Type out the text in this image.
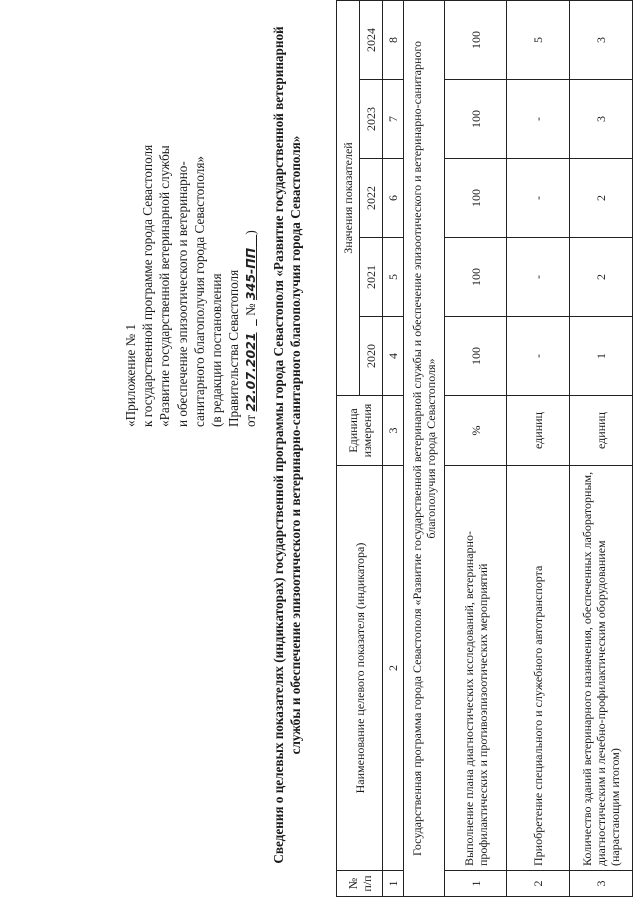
«Приложение № 1 к государственной программе города Севастополя «Развитие государственной ветеринарной службы и обеспечение эпизоотического и ветеринарно- санитарного благополучия города Севастополя» (в редакции постановления Правительства Севастополя от 22.07.2021     № 345-ПП    ) Сведения о целевых показателях (индикаторах) государственной программы города Севастополя «Развитие государственной ветеринарной службы и обеспечение эпизоотического и ветеринарно-санитарного благополучия города Севастополя»
№ п/п	Наименование целевого показателя (индикатора)	Единица измерения	Значения показателей				
			2020	2021	2022	2023	2024

1	2	3	4	5	6	7	8
Государственная программа города Севастополя «Развитие государственной ветеринарной службы и обеспечение эпизоотического и ветеринарно-санитарного благополучия города Севастополя»							
1	Выполнение плана диагностических исследований, ветеринарно-профилактических и противоэпизоотических мероприятий	%	100	100	100	100	100
2	Приобретение специального и служебного автотранспорта	единиц	-	-	-	-	5
3	Количество зданий ветеринарного назначения, обеспеченных лабораторным, диагностическим и лечебно-профилактическим оборудованием (нарастающим итогом)	единиц	1	2	2	3	3
